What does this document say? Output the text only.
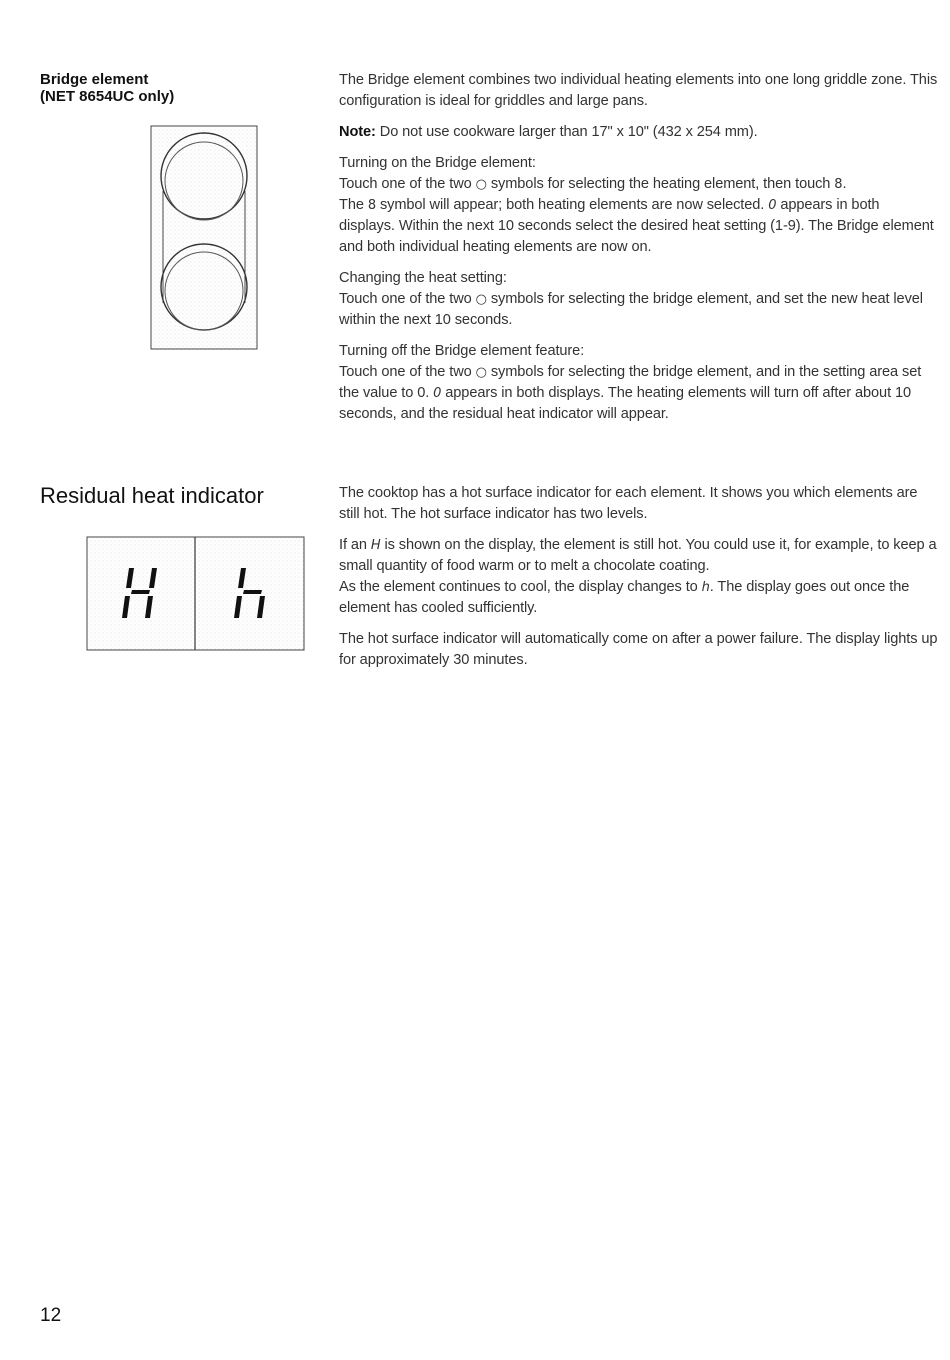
Bridge element
(NET 8654UC only)

The Bridge element combines two individual heating elements into one long griddle zone. This configuration is ideal for griddles and large pans.

Note: Do not use cookware larger than 17" x 10" (432 x 254 mm).

Turning on the Bridge element:

Touch one of the two ○ symbols for selecting the heating element, then touch 8.
The 8 symbol will appear; both heating elements are now selected. 0 appears in both displays. Within the next 10 seconds select the desired heat setting (1-9). The Bridge element and both individual heating elements are now on.

Changing the heat setting:

Touch one of the two ○ symbols for selecting the bridge element, and set the new heat level within the next 10 seconds.

Turning off the Bridge element feature:

Touch one of the two ○ symbols for selecting the bridge element, and in the setting area set the value to 0. 0 appears in both displays. The heating elements will turn off after about 10 seconds, and the residual heat indicator will appear.

Residual heat indicator	The cooktop has a hot surface indicator for each element. It shows you which elements are still hot. The hot surface indicator has two levels.

If an H is shown on the display, the element is still hot. You could use it, for example, to keep a small quantity of food warm or to melt a chocolate coating.

As the element continues to cool, the display changes to h. The display goes out once the element has cooled sufficiently.

The hot surface indicator will automatically come on after a power failure. The display lights up for approximately 30 minutes.

12
